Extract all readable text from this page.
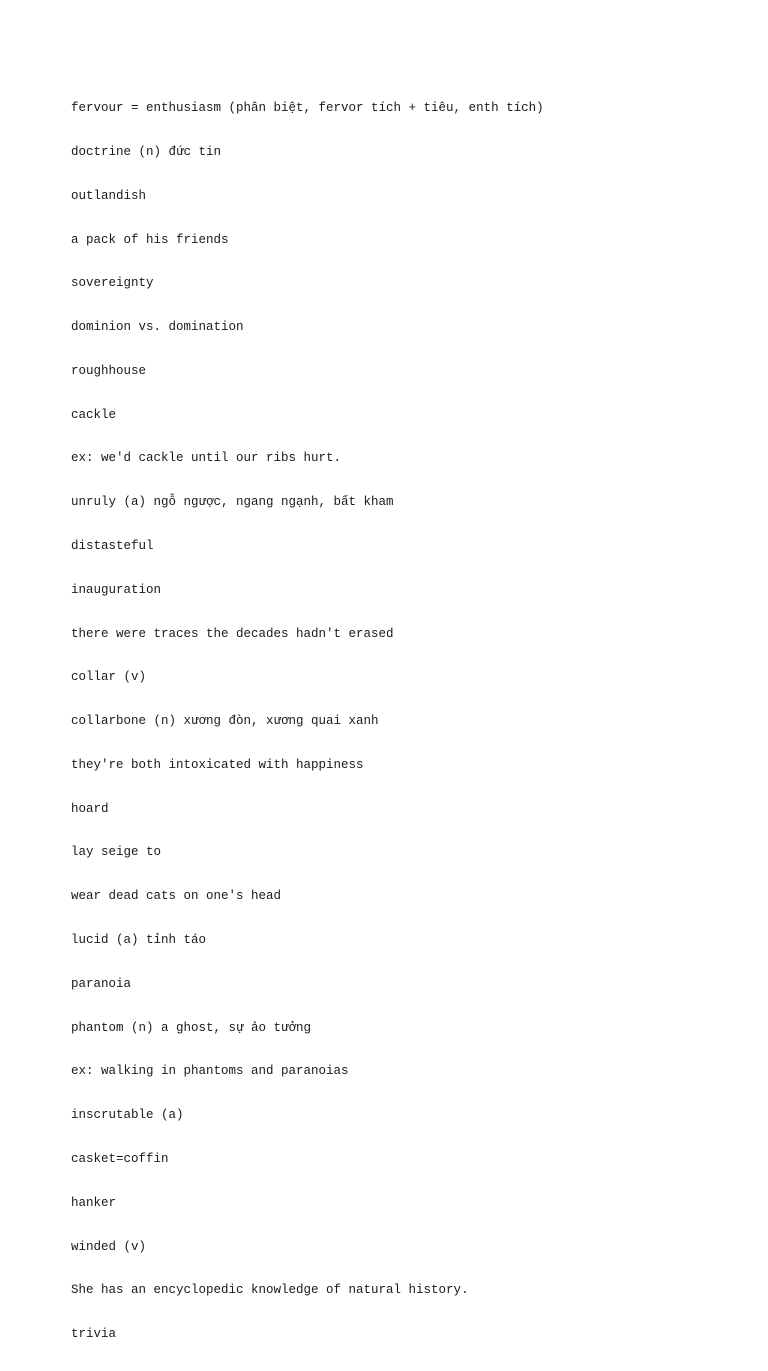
fervour = enthusiasm (phân biệt, fervor tích + tiêu, enth tích)

doctrine (n) đức tin

outlandish

a pack of his friends

sovereignty

dominion vs. domination

roughhouse

cackle

ex: we'd cackle until our ribs hurt.

unruly (a) ngỗ ngược, ngang ngạnh, bất kham

distasteful

inauguration

there were traces the decades hadn't erased

collar (v)

collarbone (n) xương đòn, xương quai xanh

they're both intoxicated with happiness

hoard

lay seige to

wear dead cats on one's head

lucid (a) tỉnh táo

paranoia

phantom (n) a ghost, sự ảo tưởng

ex: walking in phantoms and paranoias

inscrutable (a)

casket=coffin

hanker

winded (v)

She has an encyclopedic knowledge of natural history.

trivia
